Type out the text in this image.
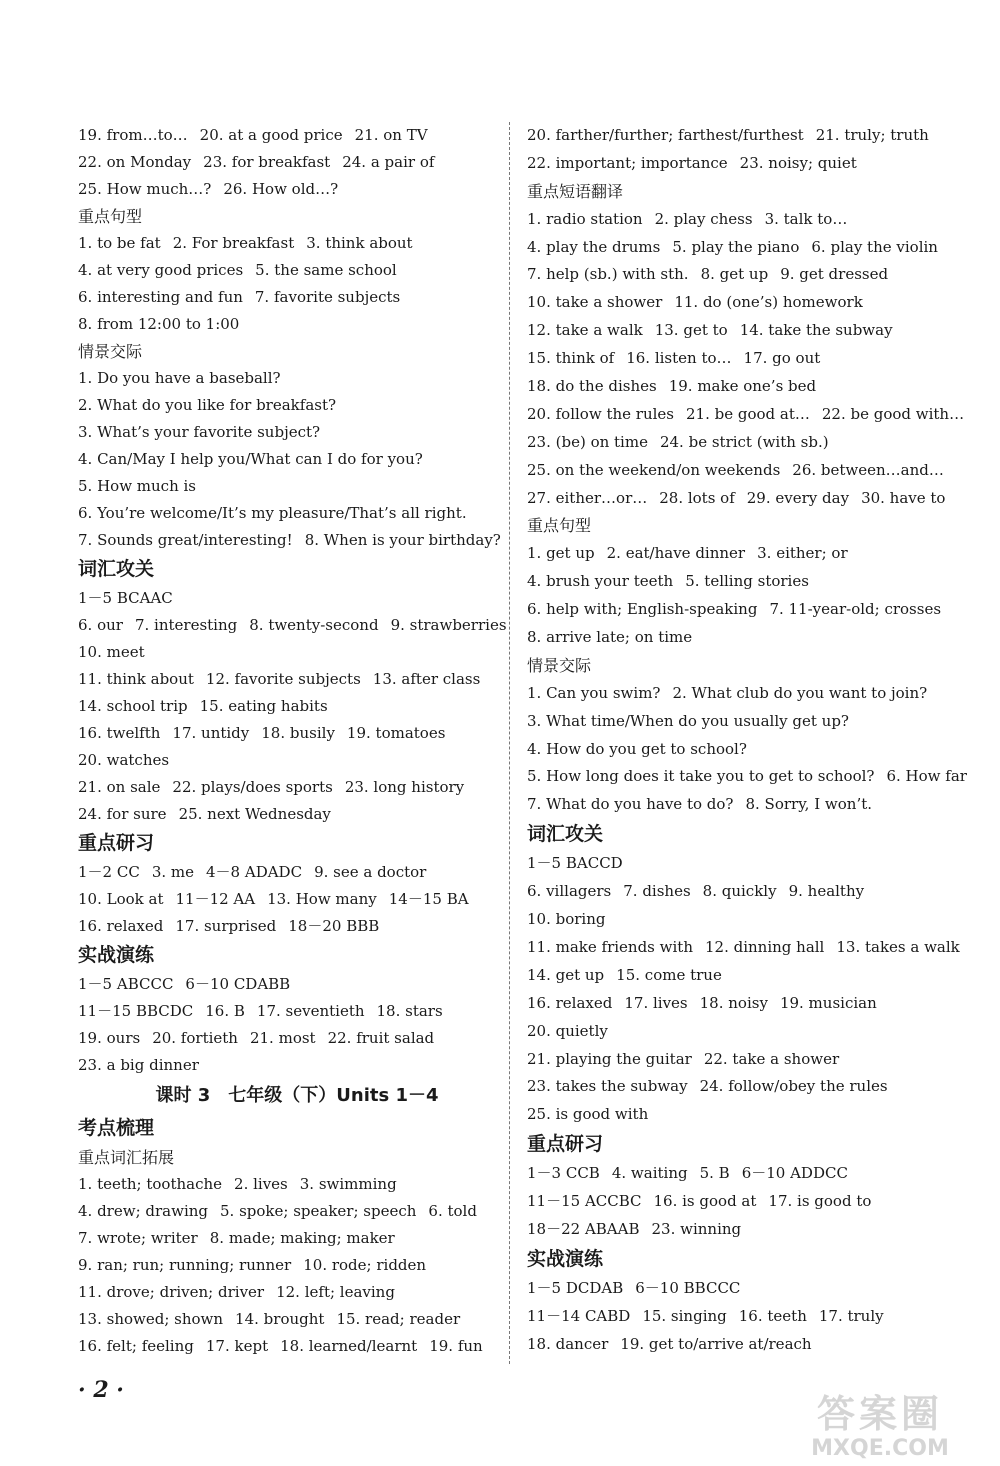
19. from…to… 20. at a good price 21. on TV
22. on Monday 23. for breakfast 24. a pair of
25. How much…? 26. How old…?
重点句型
1. to be fat 2. For breakfast 3. think about
4. at very good prices 5. the same school
6. interesting and fun 7. favorite subjects
8. from 12:00 to 1:00
情景交际
1. Do you have a baseball?
2. What do you like for breakfast?
3. What’s your favorite subject?
4. Can/May I help you/What can I do for you?
5. How much is
6. You’re welcome/It’s my pleasure/That’s all right.
7. Sounds great/interesting! 8. When is your birthday?
词汇攻关
1－5 BCAAC
6. our 7. interesting 8. twenty-second 9. strawberries
10. meet
11. think about 12. favorite subjects 13. after class
14. school trip 15. eating habits
16. twelfth 17. untidy 18. busily 19. tomatoes
20. watches
21. on sale 22. plays/does sports 23. long history
24. for sure 25. next Wednesday
重点研习
1－2 CC 3. me 4－8 ADADC 9. see a doctor
10. Look at 11－12 AA 13. How many 14－15 BA
16. relaxed 17. surprised 18－20 BBB
实战演练
1－5 ABCCC 6－10 CDABB
11－15 BBCDC 16. B 17. seventieth 18. stars
19. ours 20. fortieth 21. most 22. fruit salad
23. a big dinner
课时 3　七年级（下）Units 1－4
考点梳理
重点词汇拓展
1. teeth; toothache 2. lives 3. swimming
4. drew; drawing 5. spoke; speaker; speech 6. told
7. wrote; writer 8. made; making; maker
9. ran; run; running; runner 10. rode; ridden
11. drove; driven; driver 12. left; leaving
13. showed; shown 14. brought 15. read; reader
16. felt; feeling 17. kept 18. learned/learnt 19. fun
20. farther/further; farthest/furthest 21. truly; truth
22. important; importance 23. noisy; quiet
重点短语翻译
1. radio station 2. play chess 3. talk to…
4. play the drums 5. play the piano 6. play the violin
7. help (sb.) with sth. 8. get up 9. get dressed
10. take a shower 11. do (one’s) homework
12. take a walk 13. get to 14. take the subway
15. think of 16. listen to… 17. go out
18. do the dishes 19. make one’s bed
20. follow the rules 21. be good at… 22. be good with…
23. (be) on time 24. be strict (with sb.)
25. on the weekend/on weekends 26. between…and…
27. either…or… 28. lots of 29. every day 30. have to
重点句型
1. get up 2. eat/have dinner 3. either; or
4. brush your teeth 5. telling stories
6. help with; English-speaking 7. 11-year-old; crosses
8. arrive late; on time
情景交际
1. Can you swim? 2. What club do you want to join?
3. What time/When do you usually get up?
4. How do you get to school?
5. How long does it take you to get to school? 6. How far
7. What do you have to do? 8. Sorry, I won’t.
词汇攻关
1－5 BACCD
6. villagers 7. dishes 8. quickly 9. healthy
10. boring
11. make friends with 12. dinning hall 13. takes a walk
14. get up 15. come true
16. relaxed 17. lives 18. noisy 19. musician
20. quietly
21. playing the guitar 22. take a shower
23. takes the subway 24. follow/obey the rules
25. is good with
重点研习
1－3 CCB 4. waiting 5. B 6－10 ADDCC
11－15 ACCBC 16. is good at 17. is good to
18－22 ABAAB 23. winning
实战演练
1－5 DCDAB 6－10 BBCCC
11－14 CABD 15. singing 16. teeth 17. truly
18. dancer 19. get to/arrive at/reach
· 2 ·
答案圈
MXQE.COM
